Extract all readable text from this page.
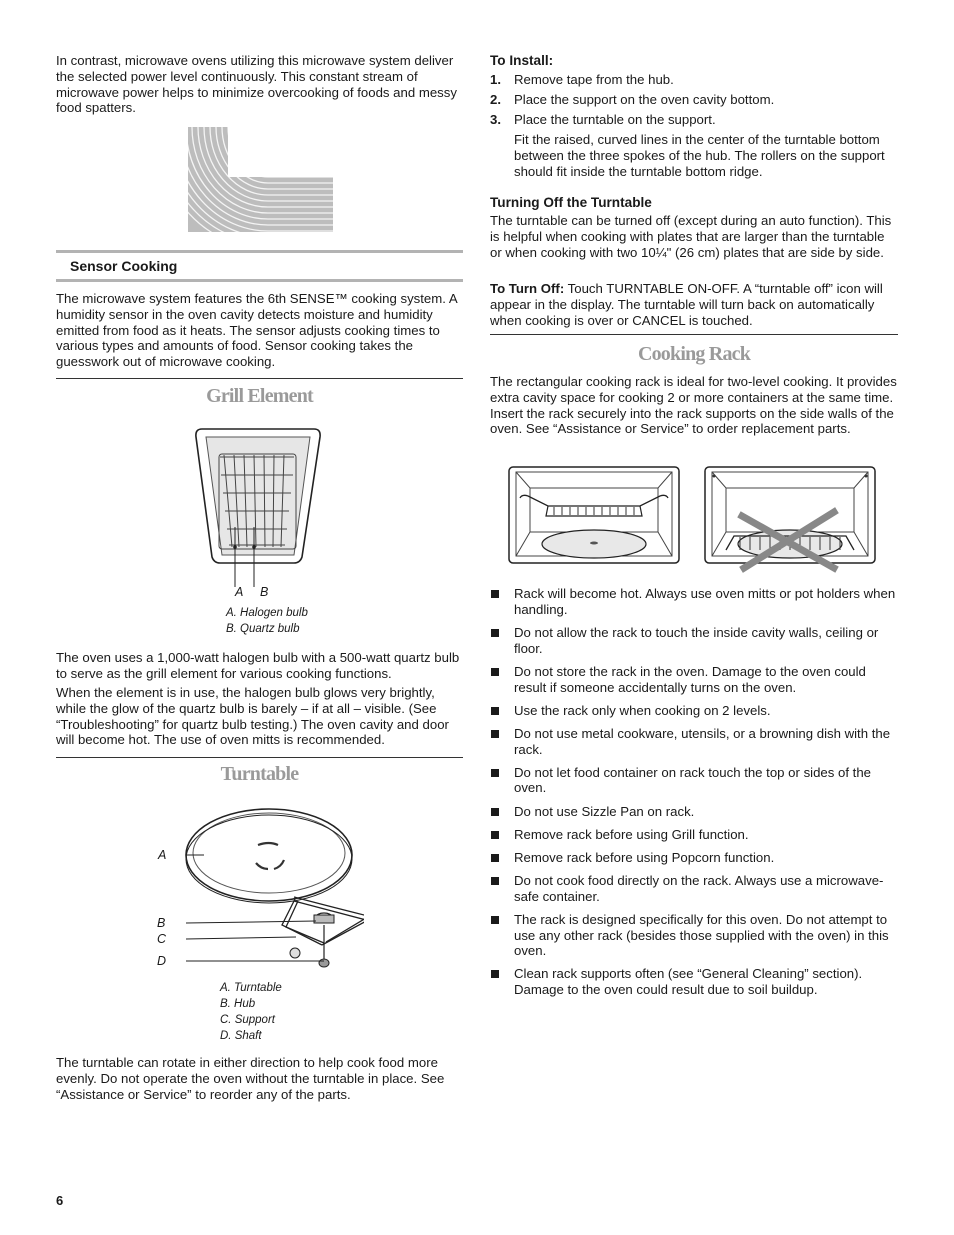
In contrast, microwave ovens utilizing this microwave system deliver the selected power level continuously. This constant stream of microwave power helps to minimize overcooking of foods and messy food spatters.

Sensor Cooking

The microwave system features the 6th SENSE™ cooking system. A humidity sensor in the oven cavity detects moisture and humidity emitted from food as it heats. The sensor adjusts cooking times to various types and amounts of food. Sensor cooking takes the guesswork out of microwave cooking.

Grill Element
A B
A. Halogen bulb
B. Quartz bulb

The oven uses a 1,000-watt halogen bulb with a 500-watt quartz bulb to serve as the grill element for various cooking functions.

When the element is in use, the halogen bulb glows very brightly, while the glow of the quartz bulb is barely – if at all – visible. (See “Troubleshooting” for quartz bulb testing.) The oven cavity and door will become hot. The use of oven mitts is recommended.

Turntable
A
B
C
D
A. Turntable
B. Hub
C. Support
D. Shaft

The turntable can rotate in either direction to help cook food more evenly. Do not operate the oven without the turntable in place. See “Assistance or Service” to reorder any of the parts.

To Install:
1. Remove tape from the hub.
2. Place the support on the oven cavity bottom.
3. Place the turntable on the support.

Fit the raised, curved lines in the center of the turntable bottom between the three spokes of the hub. The rollers on the support should fit inside the turntable bottom ridge.

Turning Off the Turntable

The turntable can be turned off (except during an auto function). This is helpful when cooking with plates that are larger than the turntable or when cooking with two 10¼" (26 cm) plates that are side by side.

To Turn Off: Touch TURNTABLE ON-OFF. A “turntable off” icon will appear in the display. The turntable will turn back on automatically when cooking is over or CANCEL is touched.

Cooking Rack

The rectangular cooking rack is ideal for two-level cooking. It provides extra cavity space for cooking 2 or more containers at the same time. Insert the rack securely into the rack supports on the side walls of the oven. See “Assistance or Service” to order replacement parts.

Rack will become hot. Always use oven mitts or pot holders when handling.
Do not allow the rack to touch the inside cavity walls, ceiling or floor.
Do not store the rack in the oven. Damage to the oven could result if someone accidentally turns on the oven.
Use the rack only when cooking on 2 levels.
Do not use metal cookware, utensils, or a browning dish with the rack.
Do not let food container on rack touch the top or sides of the oven.
Do not use Sizzle Pan on rack.
Remove rack before using Grill function.
Remove rack before using Popcorn function.
Do not cook food directly on the rack. Always use a microwave-safe container.
The rack is designed specifically for this oven. Do not attempt to use any other rack (besides those supplied with the oven) in this oven.
Clean rack supports often (see “General Cleaning” section). Damage to the oven could result due to soil buildup.
6
